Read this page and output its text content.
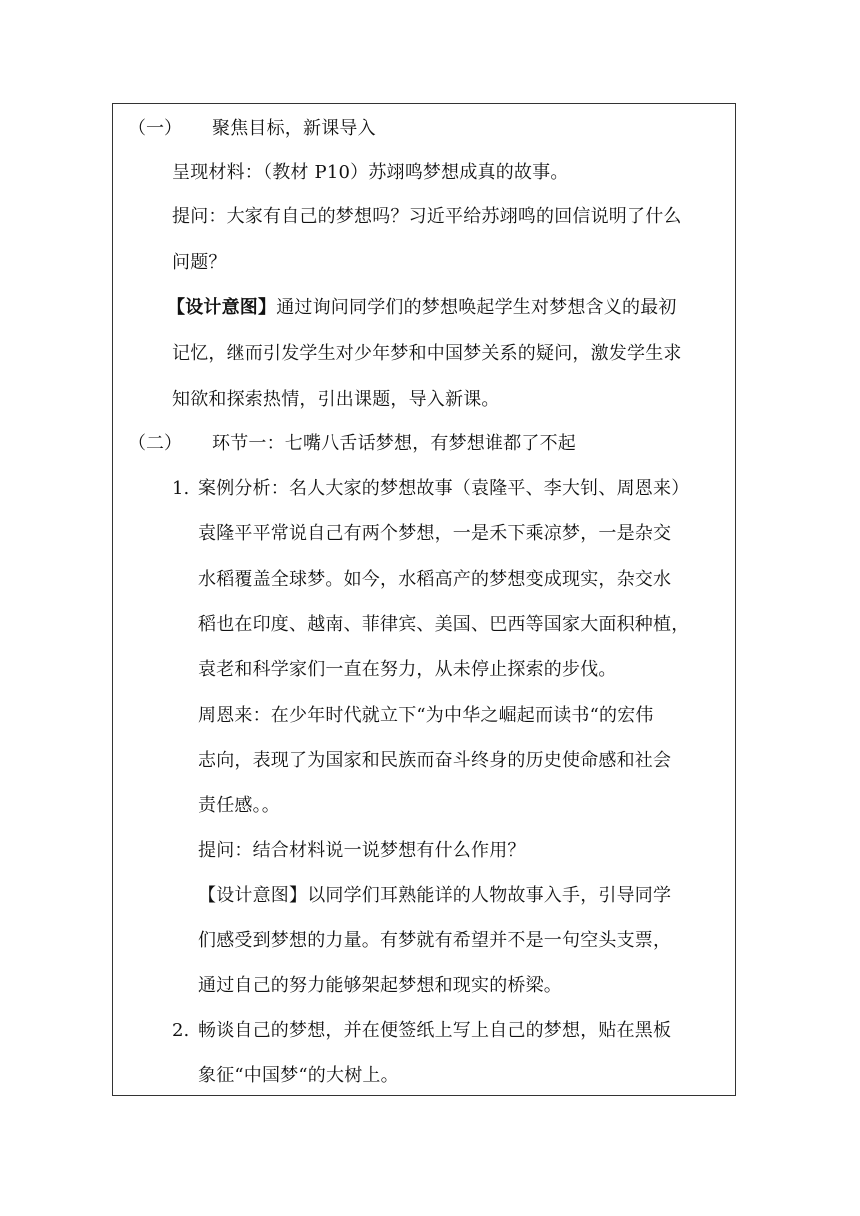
（一） 聚焦目标，新课导入
呈现材料：（教材 P10）苏翊鸣梦想成真的故事。
提问：大家有自己的梦想吗？习近平给苏翊鸣的回信说明了什么
问题？
【设计意图】通过询问同学们的梦想唤起学生对梦想含义的最初
记忆，继而引发学生对少年梦和中国梦关系的疑问，激发学生求
知欲和探索热情，引出课题，导入新课。
（二） 环节一：七嘴八舌话梦想，有梦想谁都了不起
1. 案例分析：名人大家的梦想故事（袁隆平、李大钊、周恩来）
袁隆平平常说自己有两个梦想，一是禾下乘凉梦，一是杂交
水稻覆盖全球梦。如今，水稻高产的梦想变成现实，杂交水
稻也在印度、越南、菲律宾、美国、巴西等国家大面积种植，
袁老和科学家们一直在努力，从未停止探索的步伐。
周恩来：在少年时代就立下“为中华之崛起而读书“的宏伟
志向，表现了为国家和民族而奋斗终身的历史使命感和社会
责任感。。
提问：结合材料说一说梦想有什么作用？
【设计意图】以同学们耳熟能详的人物故事入手，引导同学
们感受到梦想的力量。有梦就有希望并不是一句空头支票，
通过自己的努力能够架起梦想和现实的桥梁。
2. 畅谈自己的梦想，并在便签纸上写上自己的梦想，贴在黑板
象征“中国梦“的大树上。
